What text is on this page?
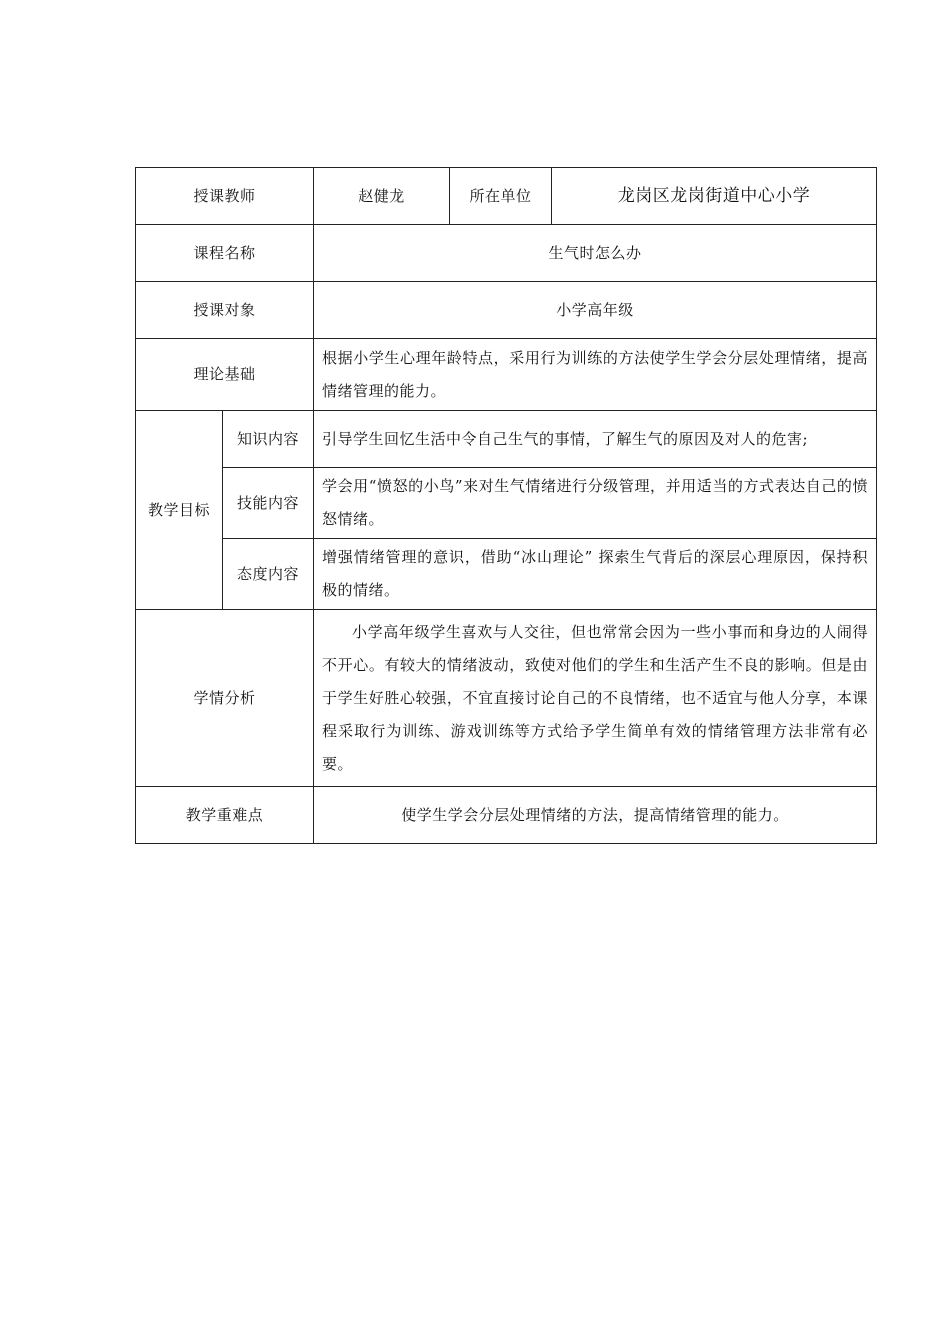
授课教师		赵健龙	所在单位	龙岗区龙岗街道中心小学
课程名称		生气时怎么办		
授课对象		小学高年级		
理论基础		根据小学生心理年龄特点，采用行为训练的方法使学生学会分层处理情绪，提高情绪管理的能力。		
教学目标	知识内容	引导学生回忆生活中令自己生气的事情，了解生气的原因及对人的危害;		
	技能内容	学会用“愤怒的小鸟”来对生气情绪进行分级管理，并用适当的方式表达自己的愤怒情绪。		
	态度内容	增强情绪管理的意识，借助“冰山理论” 探索生气背后的深层心理原因，保持积极的情绪。		
学情分析		小学高年级学生喜欢与人交往，但也常常会因为一些小事而和身边的人闹得不开心。有较大的情绪波动，致使对他们的学生和生活产生不良的影响。但是由于学生好胜心较强，不宜直接讨论自己的不良情绪，也不适宜与他人分享，本课程采取行为训练、游戏训练等方式给予学生简单有效的情绪管理方法非常有必要。		
教学重难点		使学生学会分层处理情绪的方法，提高情绪管理的能力。		
